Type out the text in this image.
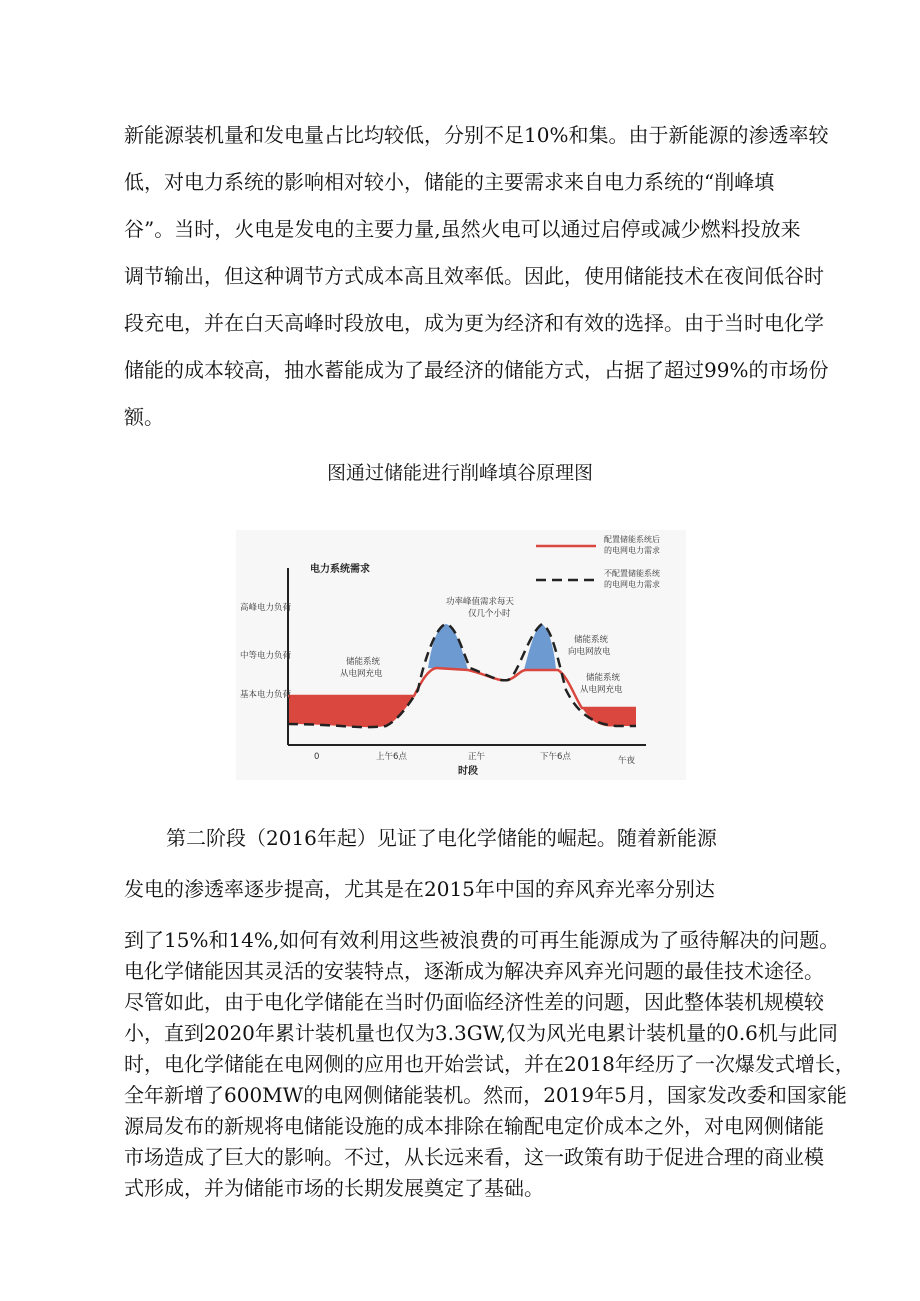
新能源装机量和发电量占比均较低，分别不足10%和集。由于新能源的渗透率较
低，对电力系统的影响相对较小，储能的主要需求来自电力系统的“削峰填
谷”。当时，火电是发电的主要力量,虽然火电可以通过启停或减少燃料投放来
调节输出，但这种调节方式成本高且效率低。因此，使用储能技术在夜间低谷时
段充电，并在白天高峰时段放电，成为更为经济和有效的选择。由于当时电化学
储能的成本较高，抽水蓄能成为了最经济的储能方式，占据了超过99%的市场份
额。
图通过储能进行削峰填谷原理图
电力系统需求
高峰电力负荷
中等电力负荷
基本电力负荷
0	上午6点	正午	下午6点	午夜
时段
配置储能系统后
的电网电力需求
不配置储能系统
的电网电力需求
功率峰值需求每天
仅几个小时
储能系统
从电网充电
储能系统
向电网放电
储能系统
从电网充电
第二阶段（2016年起）见证了电化学储能的崛起。随着新能源
发电的渗透率逐步提高，尤其是在2015年中国的弃风弃光率分别达
到了15%和14%,如何有效利用这些被浪费的可再生能源成为了亟待解决的问题。
电化学储能因其灵活的安装特点，逐渐成为解决弃风弃光问题的最佳技术途径。
尽管如此，由于电化学储能在当时仍面临经济性差的问题，因此整体装机规模较
小，直到2020年累计装机量也仅为3.3GW,仅为风光电累计装机量的0.6机与此同
时，电化学储能在电网侧的应用也开始尝试，并在2018年经历了一次爆发式增长，
全年新增了600MW的电网侧储能装机。然而，2019年5月，国家发改委和国家能
源局发布的新规将电储能设施的成本排除在输配电定价成本之外，对电网侧储能
市场造成了巨大的影响。不过，从长远来看，这一政策有助于促进合理的商业模
式形成，并为储能市场的长期发展奠定了基础。
